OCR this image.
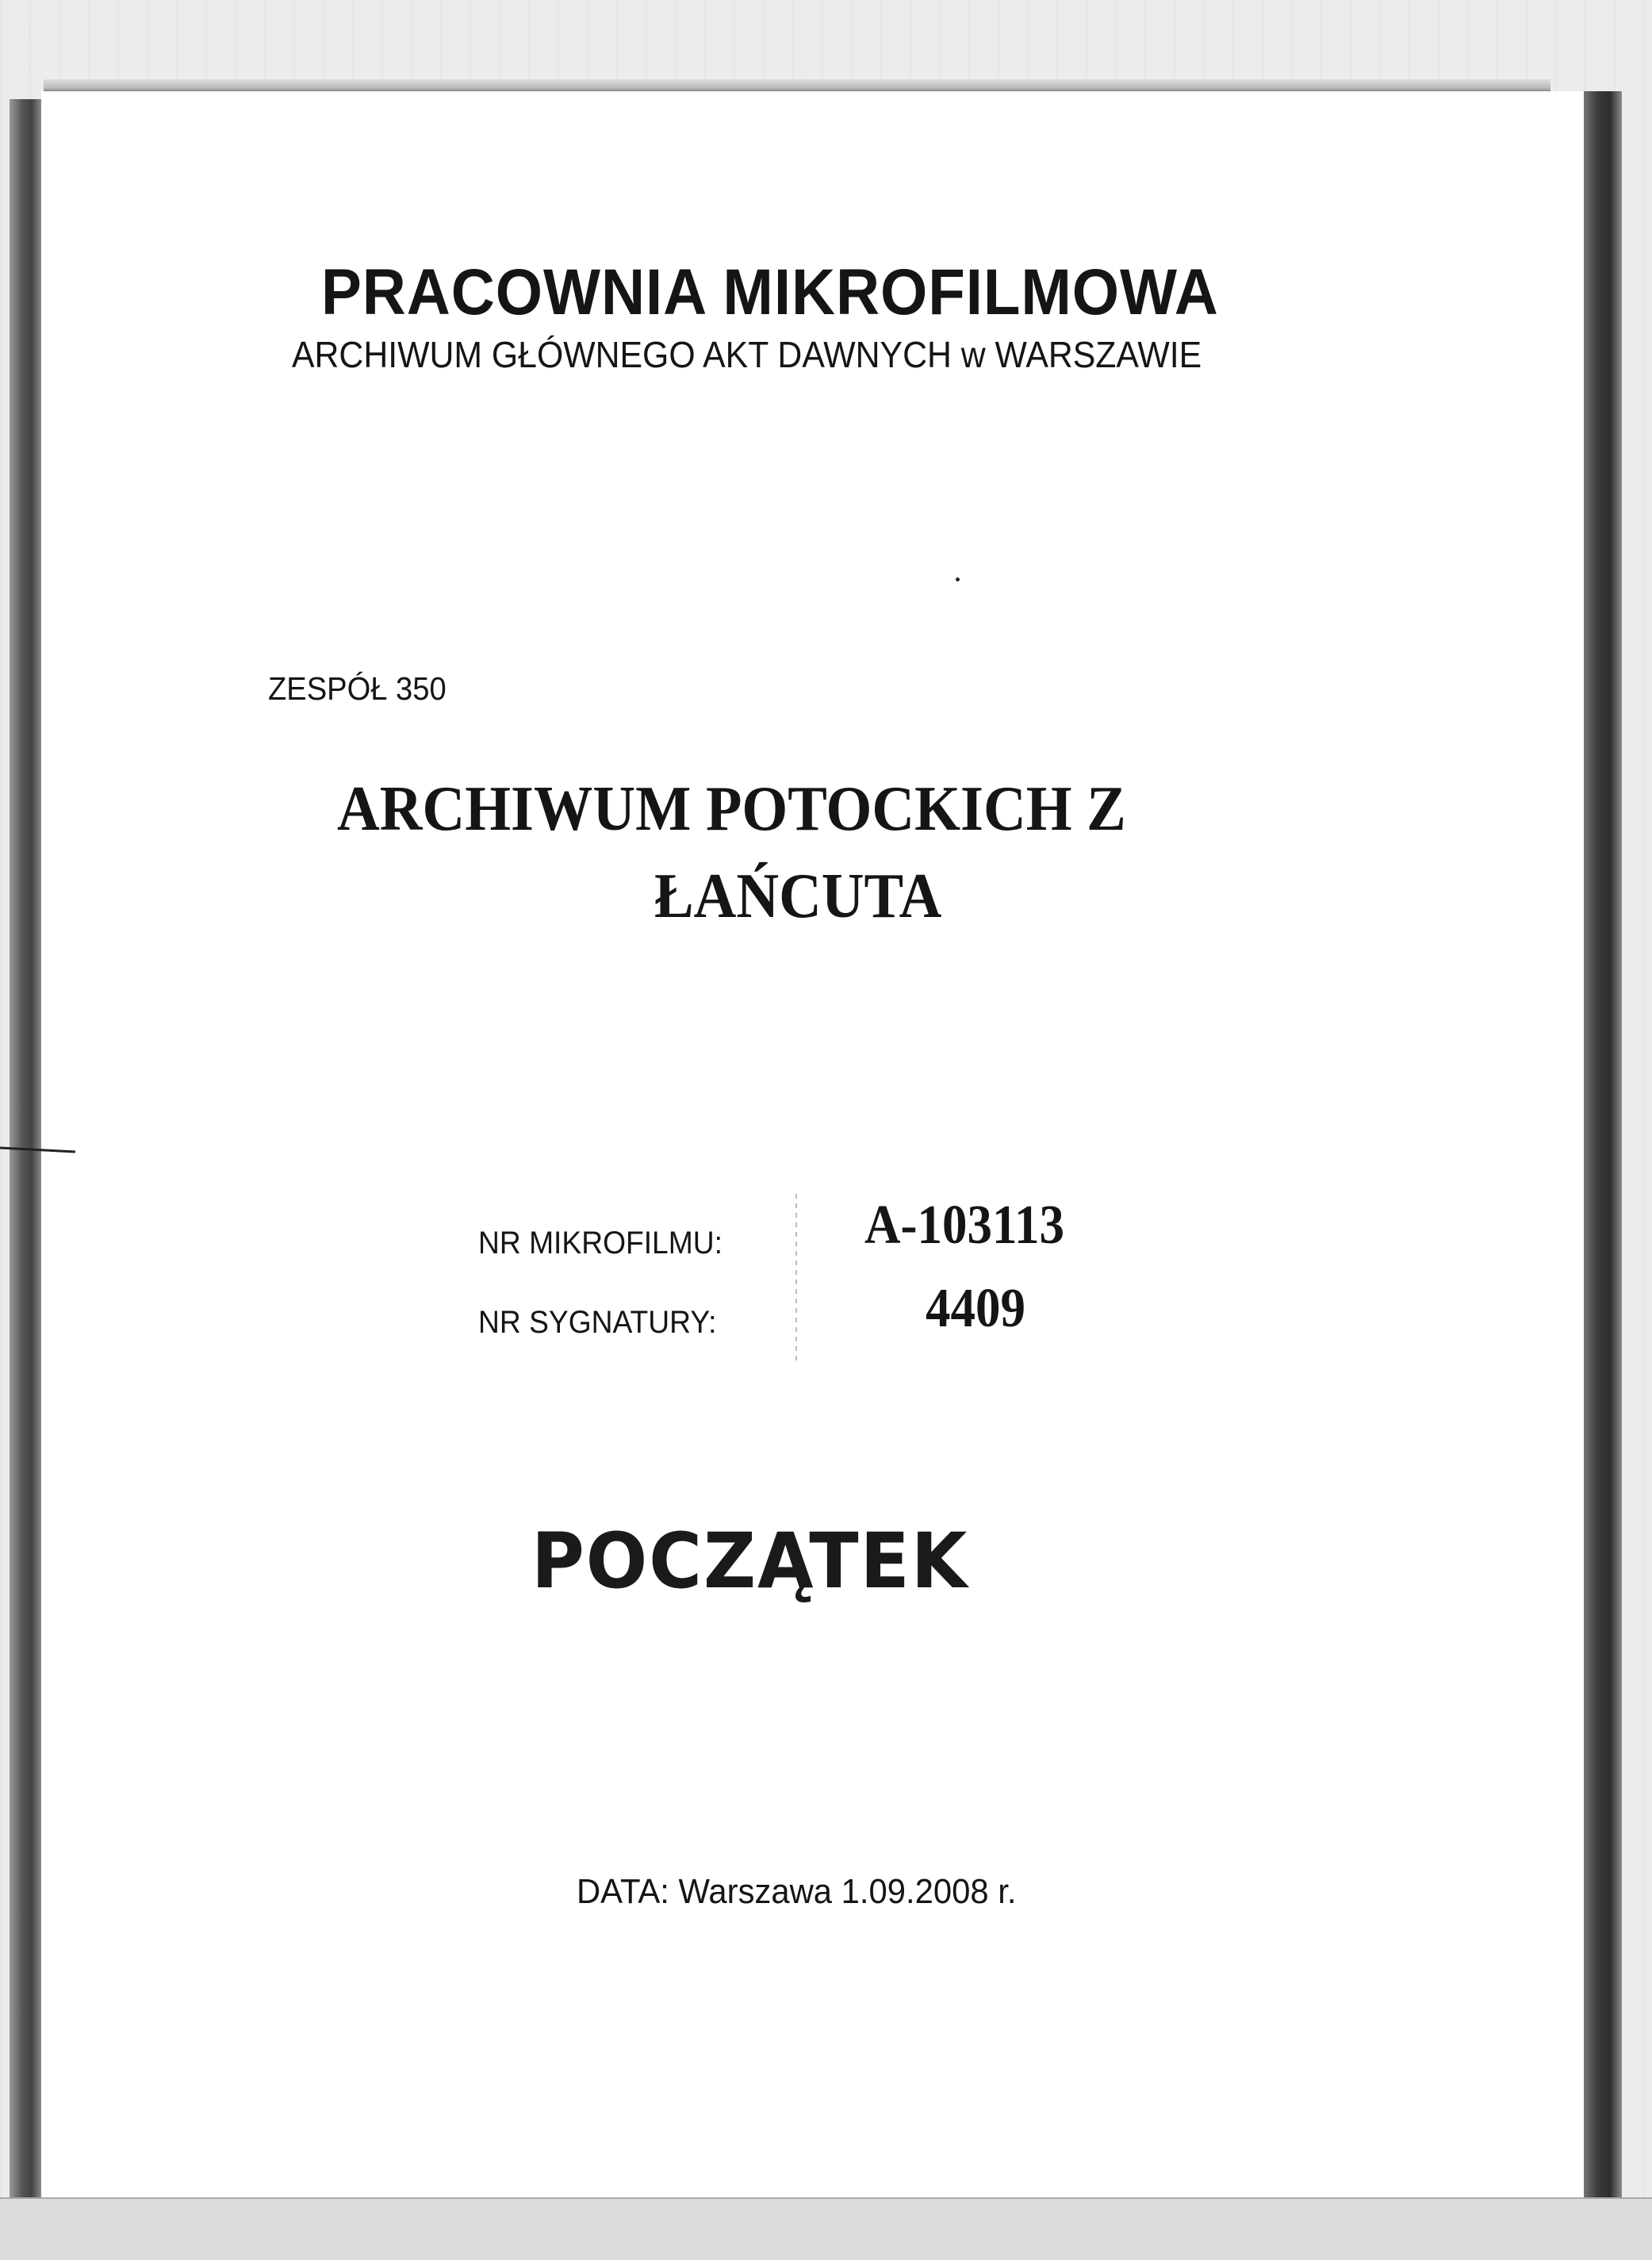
PRACOWNIA MIKROFILMOWA
ARCHIWUM GŁÓWNEGO AKT DAWNYCH w WARSZAWIE
ZESPÓŁ 350
ARCHIWUM POTOCKICH Z
ŁAŃCUTA
NR MIKROFILMU:	A-103113
NR SYGNATURY:	4409
POCZĄTEK
DATA: Warszawa 1.09.2008 r.
